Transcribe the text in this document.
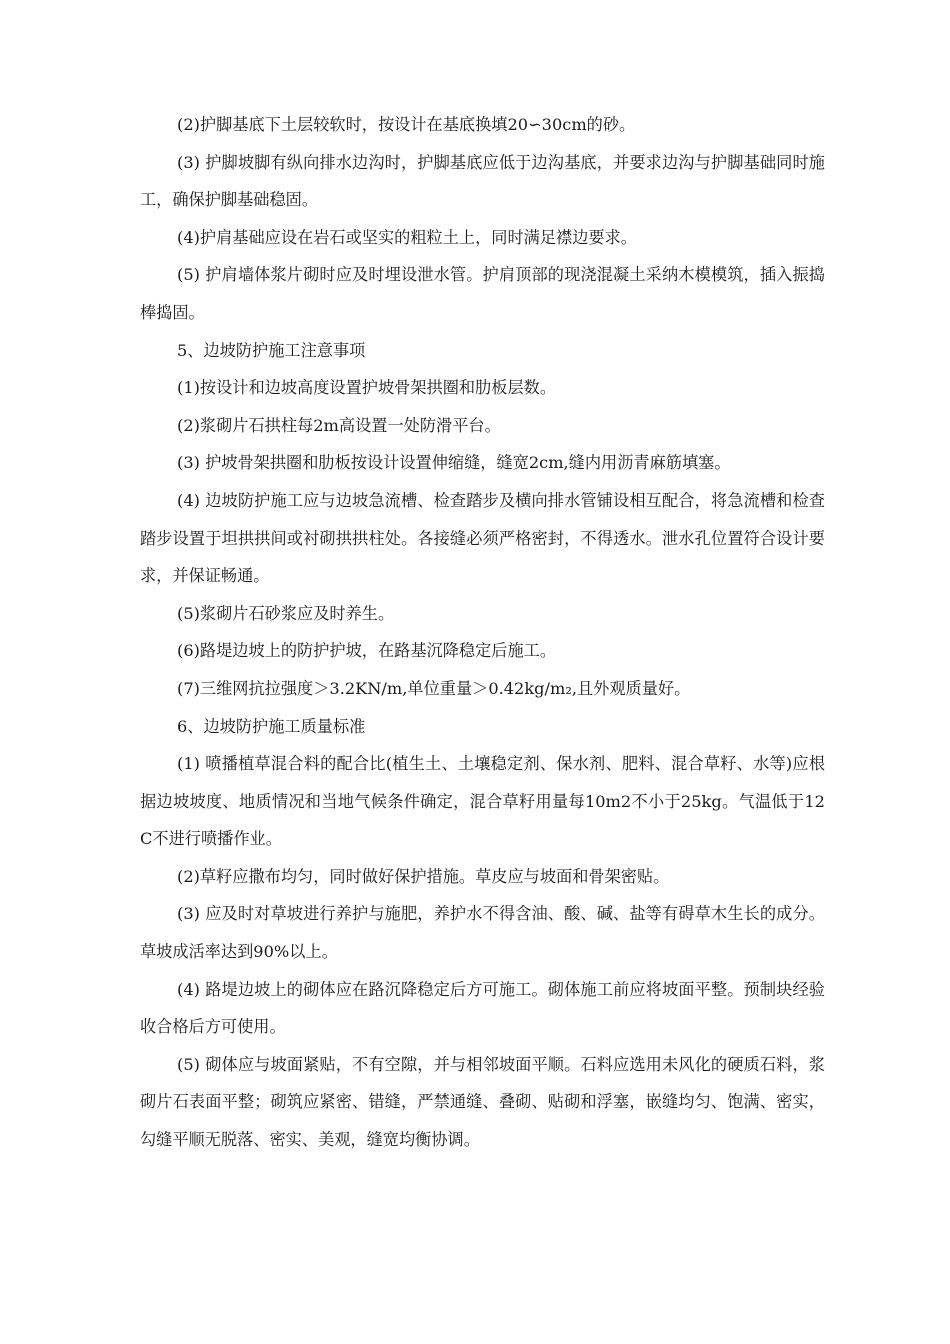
(2)护脚基底下土层较软时，按设计在基底换填20∽30cm的砂。

(3) 护脚坡脚有纵向排水边沟时，护脚基底应低于边沟基底，并要求边沟与护脚基础同时施工，确保护脚基础稳固。

(4)护肩基础应设在岩石或坚实的粗粒土上，同时满足襟边要求。

(5) 护肩墙体浆片砌时应及时埋设泄水管。护肩顶部的现浇混凝土采纳木模模筑，插入振捣棒捣固。

5、边坡防护施工注意事项

(1)按设计和边坡高度设置护坡骨架拱圈和肋板层数。

(2)浆砌片石拱柱每2m高设置一处防滑平台。

(3) 护坡骨架拱圈和肋板按设计设置伸缩缝，缝宽2cm,缝内用沥青麻筋填塞。

(4) 边坡防护施工应与边坡急流槽、检查踏步及横向排水管铺设相互配合，将急流槽和检查踏步设置于坦拱拱间或衬砌拱拱柱处。各接缝必须严格密封，不得透水。泄水孔位置符合设计要求，并保证畅通。

(5)浆砌片石砂浆应及时养生。

(6)路堤边坡上的防护护坡，在路基沉降稳定后施工。

(7)三维网抗拉强度＞3.2KN/m,单位重量＞0.42kg/m₂,且外观质量好。

6、边坡防护施工质量标准

(1) 喷播植草混合料的配合比(植生土、土壤稳定剂、保水剂、肥料、混合草籽、水等)应根据边坡坡度、地质情况和当地气候条件确定，混合草籽用量每10m2不小于25kg。气温低于12C不进行喷播作业。

(2)草籽应撒布均匀，同时做好保护措施。草皮应与坡面和骨架密贴。

(3) 应及时对草坡进行养护与施肥，养护水不得含油、酸、碱、盐等有碍草木生长的成分。草坡成活率达到90%以上。

(4) 路堤边坡上的砌体应在路沉降稳定后方可施工。砌体施工前应将坡面平整。预制块经验收合格后方可使用。

(5) 砌体应与坡面紧贴，不有空隙，并与相邻坡面平顺。石料应选用未风化的硬质石料，浆砌片石表面平整；砌筑应紧密、错缝，严禁通缝、叠砌、贴砌和浮塞，嵌缝均匀、饱满、密实，勾缝平顺无脱落、密实、美观，缝宽均衡协调。
